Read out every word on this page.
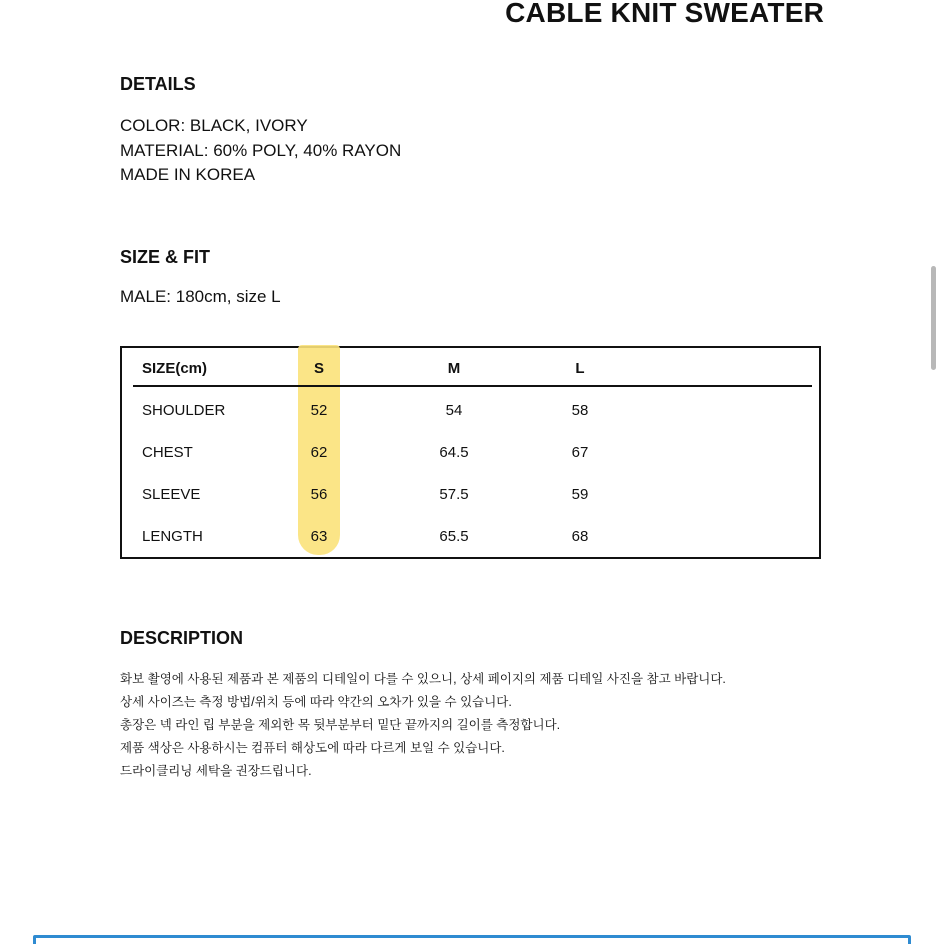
CABLE KNIT SWEATER
DETAILS
COLOR: BLACK, IVORY
MATERIAL: 60% POLY, 40% RAYON
MADE IN KOREA
SIZE & FIT
MALE: 180cm, size L
SIZE(cm)	S	M	L
SHOULDER	52	54	58
CHEST	62	64.5	67
SLEEVE	56	57.5	59
LENGTH	63	65.5	68
DESCRIPTION
화보 촬영에 사용된 제품과 본 제품의 디테일이 다를 수 있으니, 상세 페이지의 제품 디테일 사진을 참고 바랍니다.
상세 사이즈는 측정 방법/위치 등에 따라 약간의 오차가 있을 수 있습니다.
총장은 넥 라인 립 부분을 제외한 목 뒷부분부터 밑단 끝까지의 길이를 측정합니다.
제품 색상은 사용하시는 컴퓨터 해상도에 따라 다르게 보일 수 있습니다.
드라이클리닝 세탁을 권장드립니다.
